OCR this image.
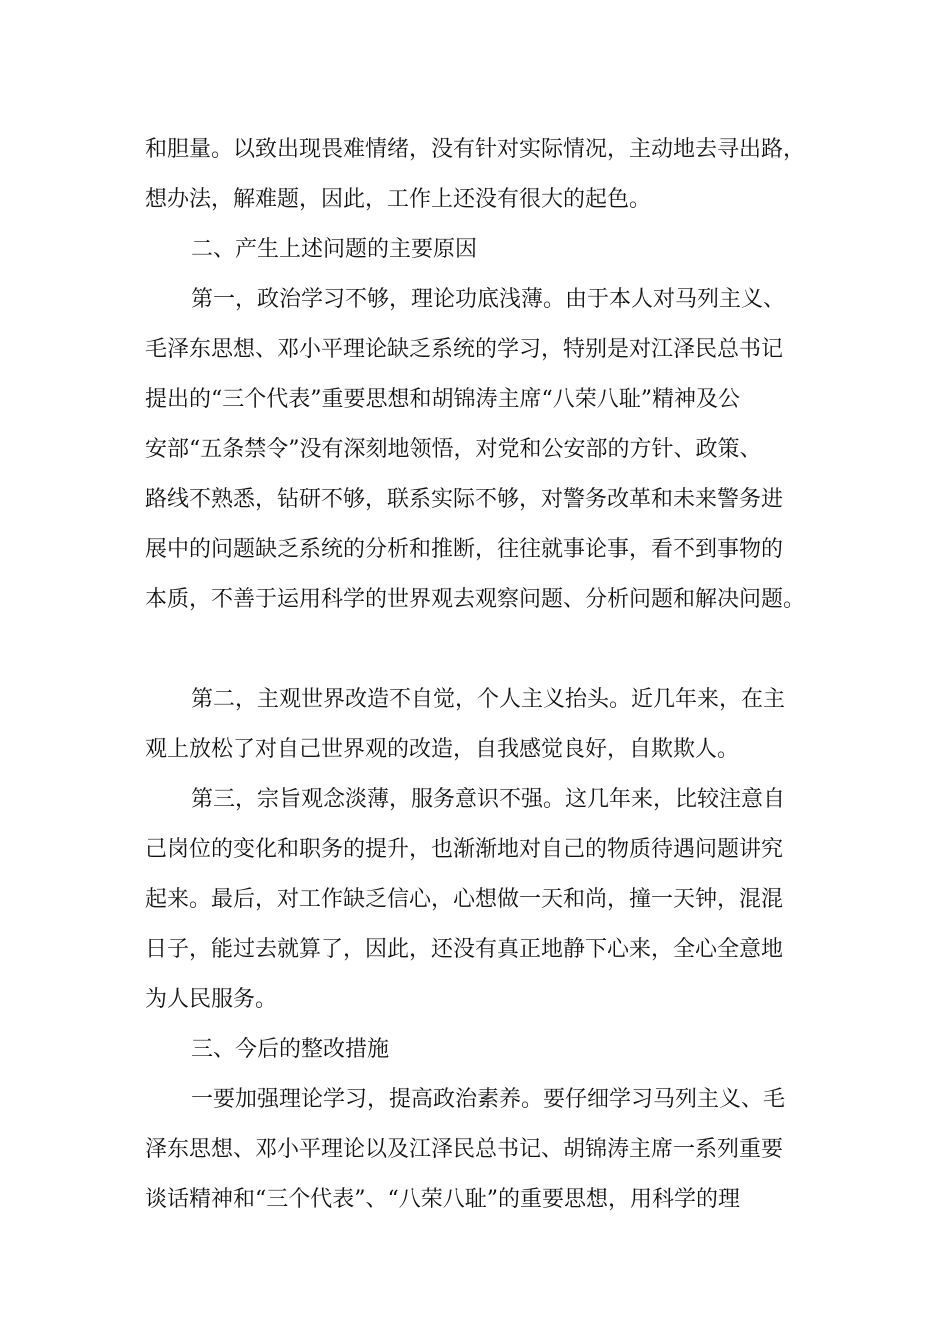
和胆量。以致出现畏难情绪，没有针对实际情况，主动地去寻出路，

想办法，解难题，因此，工作上还没有很大的起色。

二、产生上述问题的主要原因

第一，政治学习不够，理论功底浅薄。由于本人对马列主义、

毛泽东思想、邓小平理论缺乏系统的学习，特别是对江泽民总书记

提出的“三个代表”重要思想和胡锦涛主席“八荣八耻”精神及公

安部“五条禁令”没有深刻地领悟，对党和公安部的方针、政策、

路线不熟悉，钻研不够，联系实际不够，对警务改革和未来警务进

展中的问题缺乏系统的分析和推断，往往就事论事，看不到事物的

本质，不善于运用科学的世界观去观察问题、分析问题和解决问题。

第二，主观世界改造不自觉，个人主义抬头。近几年来，在主

观上放松了对自己世界观的改造，自我感觉良好，自欺欺人。

第三，宗旨观念淡薄，服务意识不强。这几年来，比较注意自

己岗位的变化和职务的提升，也渐渐地对自己的物质待遇问题讲究

起来。最后，对工作缺乏信心，心想做一天和尚，撞一天钟，混混

日子，能过去就算了，因此，还没有真正地静下心来，全心全意地

为人民服务。

三、今后的整改措施

一要加强理论学习，提高政治素养。要仔细学习马列主义、毛

泽东思想、邓小平理论以及江泽民总书记、胡锦涛主席一系列重要

谈话精神和“三个代表”、“八荣八耻”的重要思想，用科学的理
